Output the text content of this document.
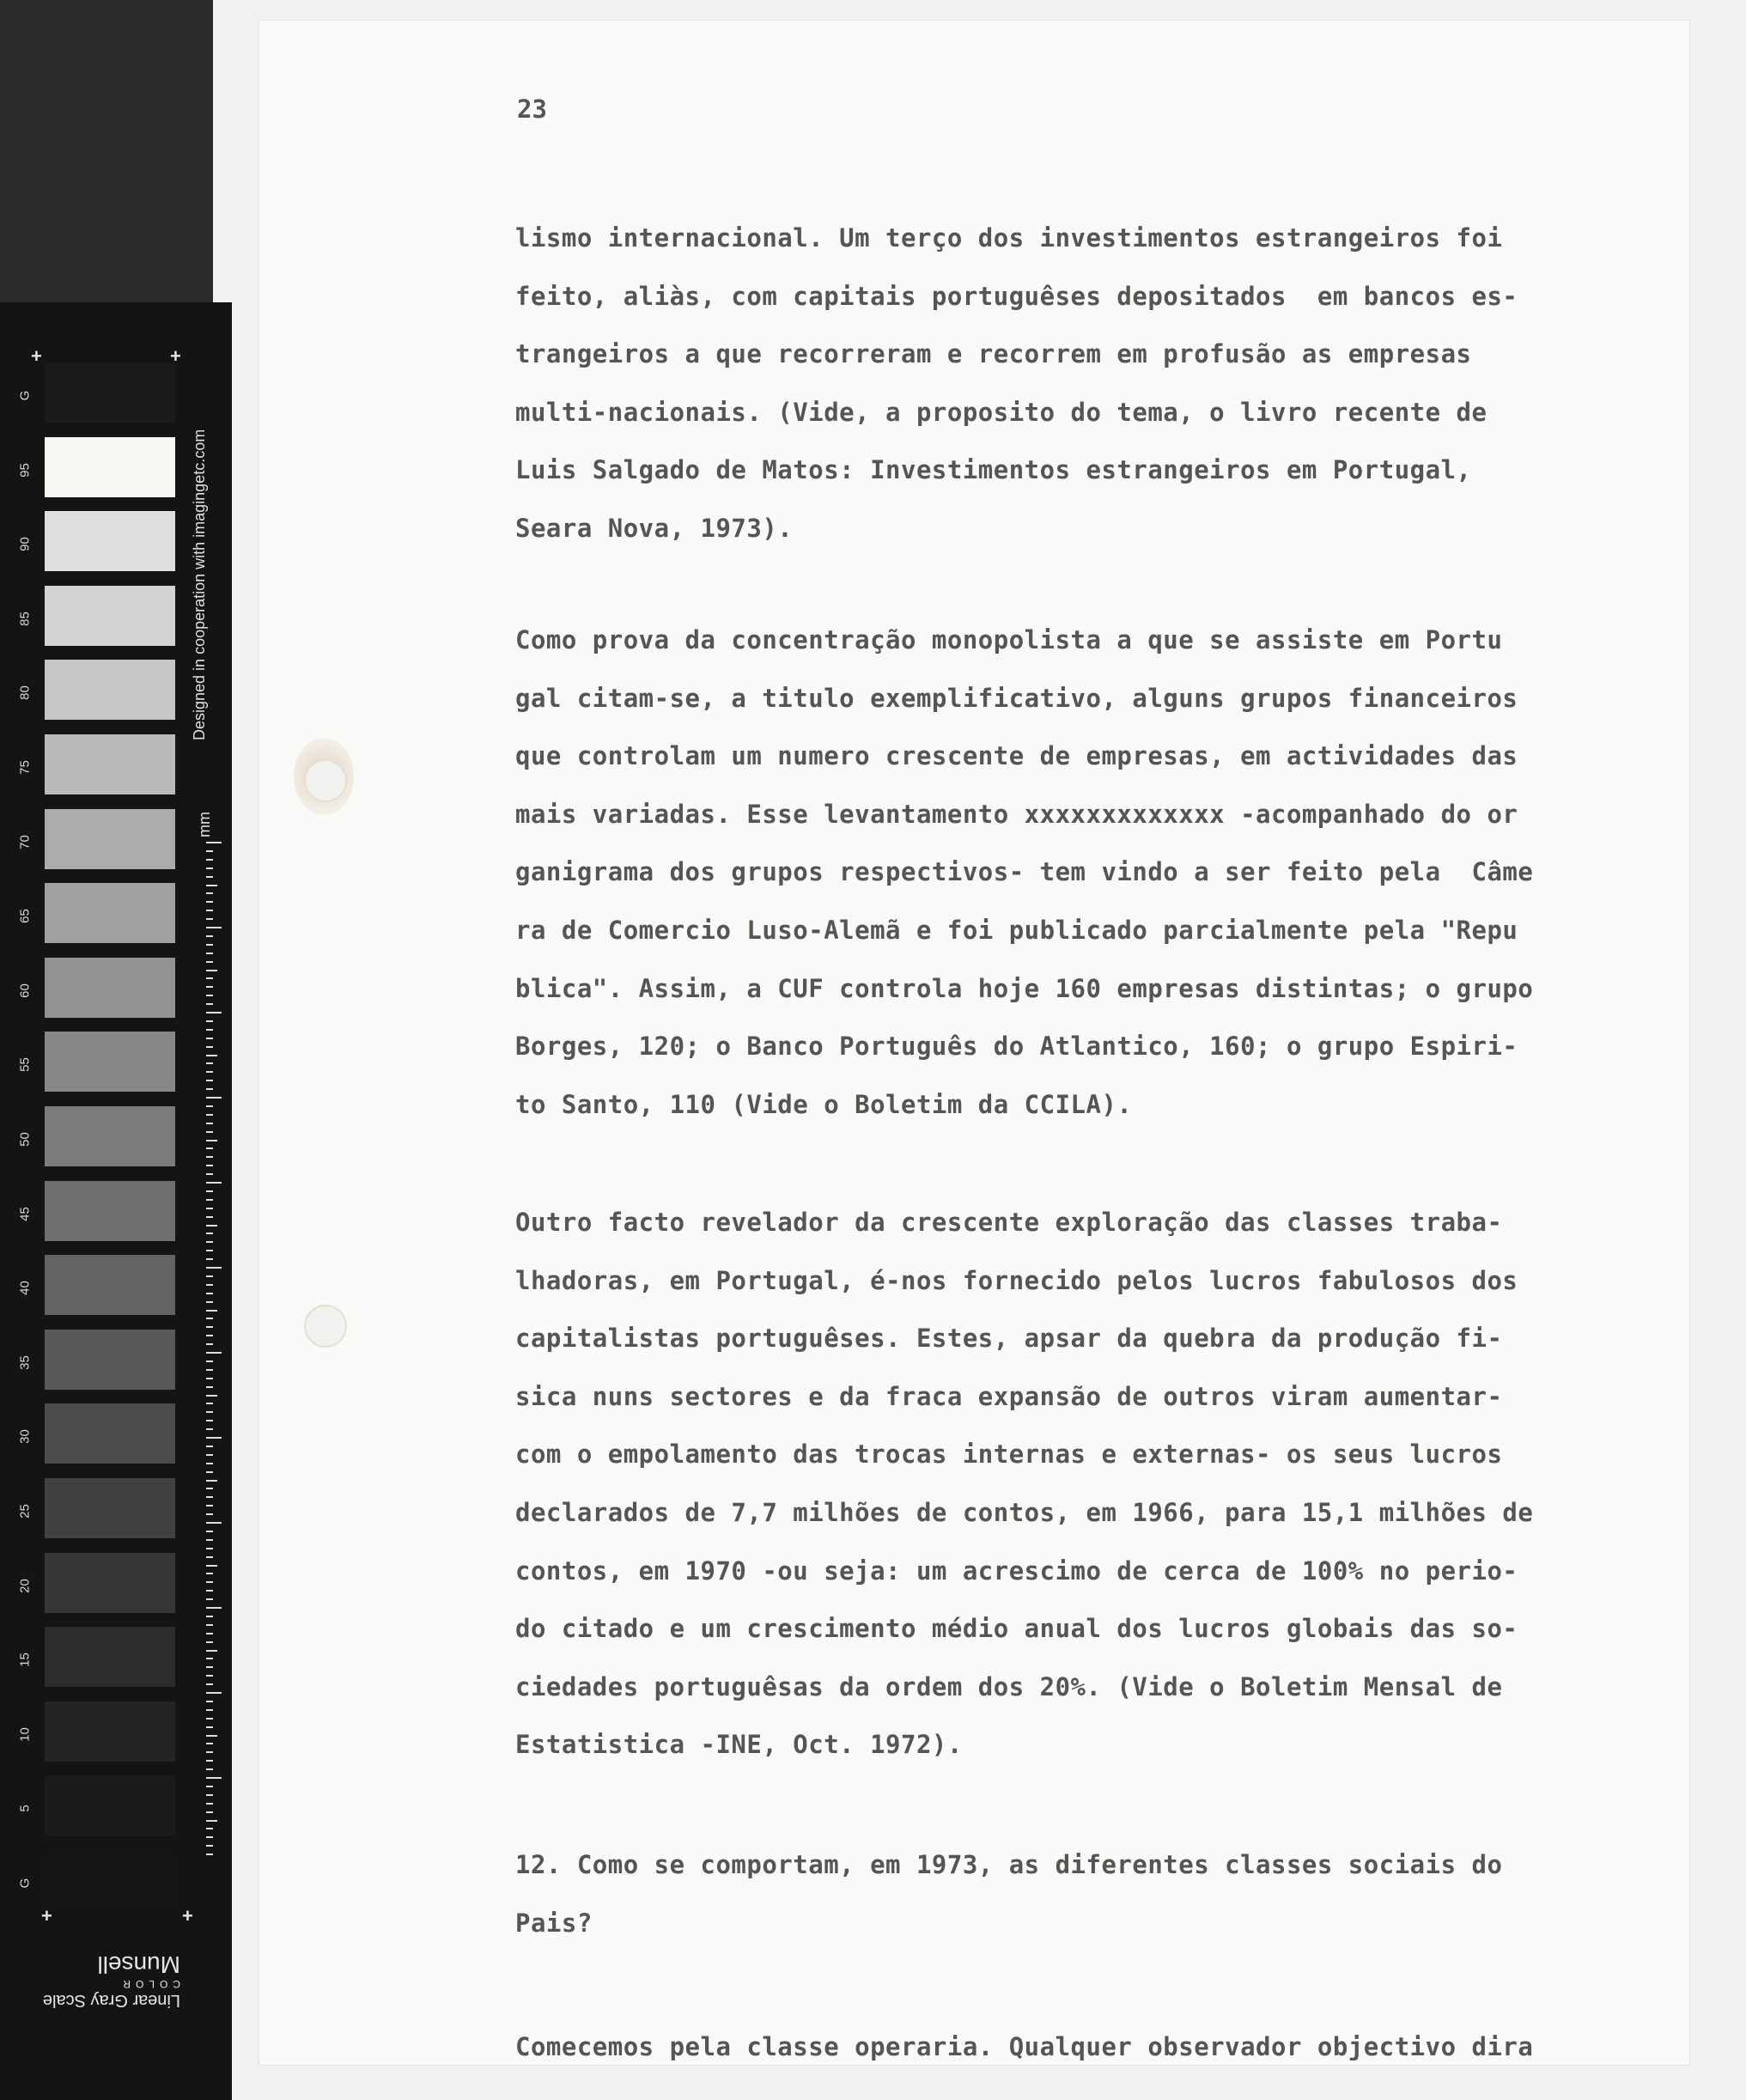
G
95
90
85
80
75
70
65
60
55
50
45
40
35
30
25
20
15
10
5
G
+	+
+	+
Designed in cooperation with imagingetc.com
mm
Linear Gray Scale
COLOR
Munsell
23
lismo internacional. Um terço dos investimentos estrangeiros foi
feito, aliàs, com capitais portuguêses depositados  em bancos es-
trangeiros a que recorreram e recorrem em profusão as empresas
multi-nacionais. (Vide, a proposito do tema, o livro recente de
Luis Salgado de Matos: Investimentos estrangeiros em Portugal,
Seara Nova, 1973).
Como prova da concentração monopolista a que se assiste em Portu
gal citam-se, a titulo exemplificativo, alguns grupos financeiros
que controlam um numero crescente de empresas, em actividades das
mais variadas. Esse levantamento xxxxxxxxxxxxx -acompanhado do or
ganigrama dos grupos respectivos- tem vindo a ser feito pela  Câme
ra de Comercio Luso-Alemã e foi publicado parcialmente pela "Repu
blica". Assim, a CUF controla hoje 160 empresas distintas; o grupo
Borges, 120; o Banco Português do Atlantico, 160; o grupo Espiri-
to Santo, 110 (Vide o Boletim da CCILA).
Outro facto revelador da crescente exploração das classes traba-
lhadoras, em Portugal, é-nos fornecido pelos lucros fabulosos dos
capitalistas portuguêses. Estes, apsar da quebra da produção fi-
sica nuns sectores e da fraca expansão de outros viram aumentar-
com o empolamento das trocas internas e externas- os seus lucros
declarados de 7,7 milhões de contos, em 1966, para 15,1 milhões de
contos, em 1970 -ou seja: um acrescimo de cerca de 100% no perio-
do citado e um crescimento médio anual dos lucros globais das so-
ciedades portuguêsas da ordem dos 20%. (Vide o Boletim Mensal de
Estatistica -INE, Oct. 1972).
12. Como se comportam, em 1973, as diferentes classes sociais do
Pais?
Comecemos pela classe operaria. Qualquer observador objectivo dira
